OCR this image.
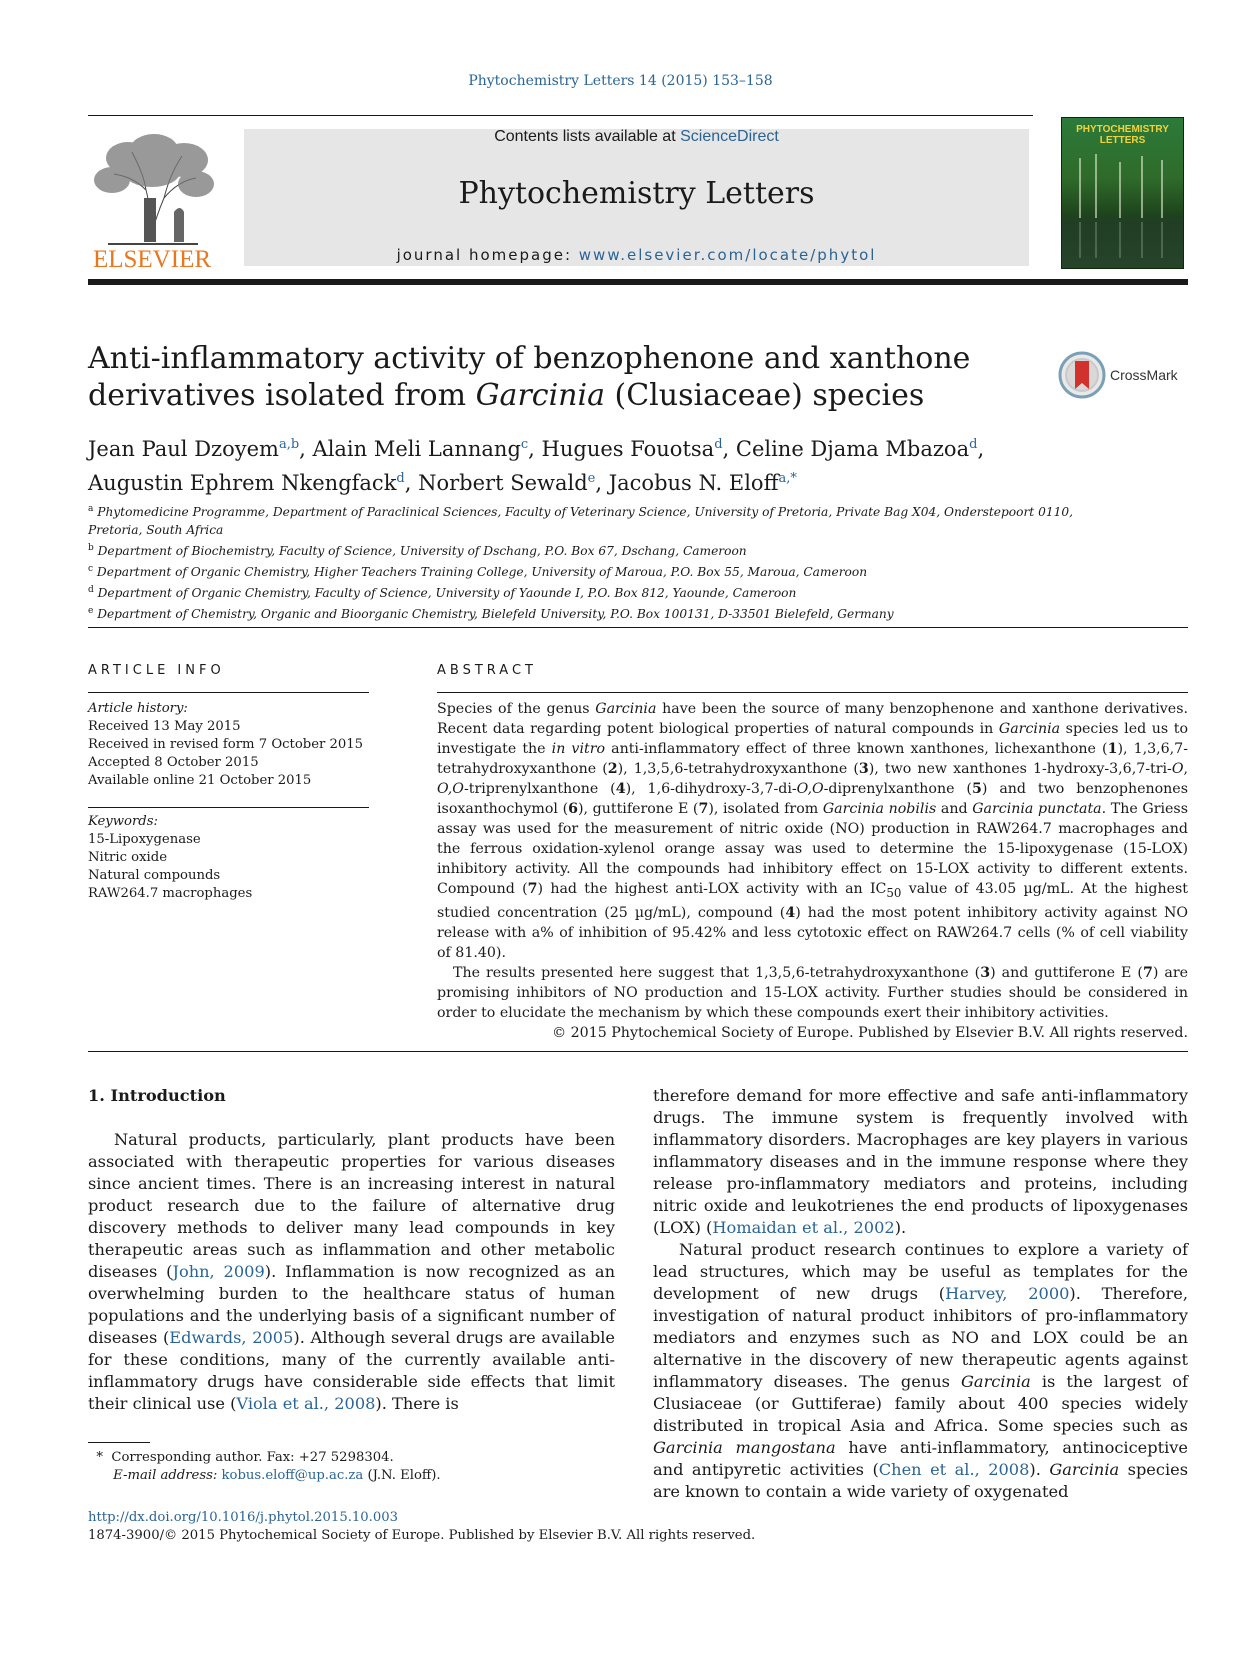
Phytochemistry Letters 14 (2015) 153–158
ELSEVIER
Contents lists available at ScienceDirect
Phytochemistry Letters
journal homepage: www.elsevier.com/locate/phytol
PHYTOCHEMISTRY LETTERS
Anti-inflammatory activity of benzophenone and xanthone derivatives isolated from Garcinia (Clusiaceae) species
CrossMark
Jean Paul Dzoyem$^{a,b}$, Alain Meli Lannang$^c$, Hugues Fouotsa$^d$, Celine Djama Mbazoa$^d$,
Augustin Ephrem Nkengfack$^d$, Norbert Sewald$^e$, Jacobus N. Eloff$^{a,*}$
$^a$ Phytomedicine Programme, Department of Paraclinical Sciences, Faculty of Veterinary Science, University of Pretoria, Private Bag X04, Onderstepoort 0110, Pretoria, South Africa
$^b$ Department of Biochemistry, Faculty of Science, University of Dschang, P.O. Box 67, Dschang, Cameroon
$^c$ Department of Organic Chemistry, Higher Teachers Training College, University of Maroua, P.O. Box 55, Maroua, Cameroon
$^d$ Department of Organic Chemistry, Faculty of Science, University of Yaounde I, P.O. Box 812, Yaounde, Cameroon
$^e$ Department of Chemistry, Organic and Bioorganic Chemistry, Bielefeld University, P.O. Box 100131, D-33501 Bielefeld, Germany
ARTICLE INFO
Article history:
Received 13 May 2015
Received in revised form 7 October 2015
Accepted 8 October 2015
Available online 21 October 2015
Keywords:
15-Lipoxygenase
Nitric oxide
Natural compounds
RAW264.7 macrophages
ABSTRACT

Species of the genus Garcinia have been the source of many benzophenone and xanthone derivatives. Recent data regarding potent biological properties of natural compounds in Garcinia species led us to investigate the in vitro anti-inflammatory effect of three known xanthones, lichexanthone (1), 1,3,6,7-tetrahydroxyxanthone (2), 1,3,5,6-tetrahydroxyxanthone (3), two new xanthones 1-hydroxy-3,6,7-tri-O, O,O-triprenylxanthone (4), 1,6-dihydroxy-3,7-di-O,O-diprenylxanthone (5) and two benzophenones isoxanthochymol (6), guttiferone E (7), isolated from Garcinia nobilis and Garcinia punctata. The Griess assay was used for the measurement of nitric oxide (NO) production in RAW264.7 macrophages and the ferrous oxidation-xylenol orange assay was used to determine the 15-lipoxygenase (15-LOX) inhibitory activity. All the compounds had inhibitory effect on 15-LOX activity to different extents. Compound (7) had the highest anti-LOX activity with an $IC_{50}$ value of 43.05 µg/mL. At the highest studied concentration (25 µg/mL), compound (4) had the most potent inhibitory activity against NO release with a% of inhibition of 95.42% and less cytotoxic effect on RAW264.7 cells (% of cell viability of 81.40).

The results presented here suggest that 1,3,5,6-tetrahydroxyxanthone (3) and guttiferone E (7) are promising inhibitors of NO production and 15-LOX activity. Further studies should be considered in order to elucidate the mechanism by which these compounds exert their inhibitory activities.

© 2015 Phytochemical Society of Europe. Published by Elsevier B.V. All rights reserved.

1. Introduction

Natural products, particularly, plant products have been associated with therapeutic properties for various diseases since ancient times. There is an increasing interest in natural product research due to the failure of alternative drug discovery methods to deliver many lead compounds in key therapeutic areas such as inflammation and other metabolic diseases (John, 2009). Inflammation is now recognized as an overwhelming burden to the healthcare status of human populations and the underlying basis of a significant number of diseases (Edwards, 2005). Although several drugs are available for these conditions, many of the currently available anti-inflammatory drugs have considerable side effects that limit their clinical use (Viola et al., 2008). There is

therefore demand for more effective and safe anti-inflammatory drugs. The immune system is frequently involved with inflammatory disorders. Macrophages are key players in various inflammatory diseases and in the immune response where they release pro-inflammatory mediators and proteins, including nitric oxide and leukotrienes the end products of lipoxygenases (LOX) (Homaidan et al., 2002).

Natural product research continues to explore a variety of lead structures, which may be useful as templates for the development of new drugs (Harvey, 2000). Therefore, investigation of natural product inhibitors of pro-inflammatory mediators and enzymes such as NO and LOX could be an alternative in the discovery of new therapeutic agents against inflammatory diseases. The genus Garcinia is the largest of Clusiaceae (or Guttiferae) family about 400 species widely distributed in tropical Asia and Africa. Some species such as Garcinia mangostana have anti-inflammatory, antinociceptive and antipyretic activities (Chen et al., 2008). Garcinia species are known to contain a wide variety of oxygenated

* Corresponding author. Fax: +27 5298304.
E-mail address: kobus.eloff@up.ac.za (J.N. Eloff).
http://dx.doi.org/10.1016/j.phytol.2015.10.003
1874-3900/© 2015 Phytochemical Society of Europe. Published by Elsevier B.V. All rights reserved.
